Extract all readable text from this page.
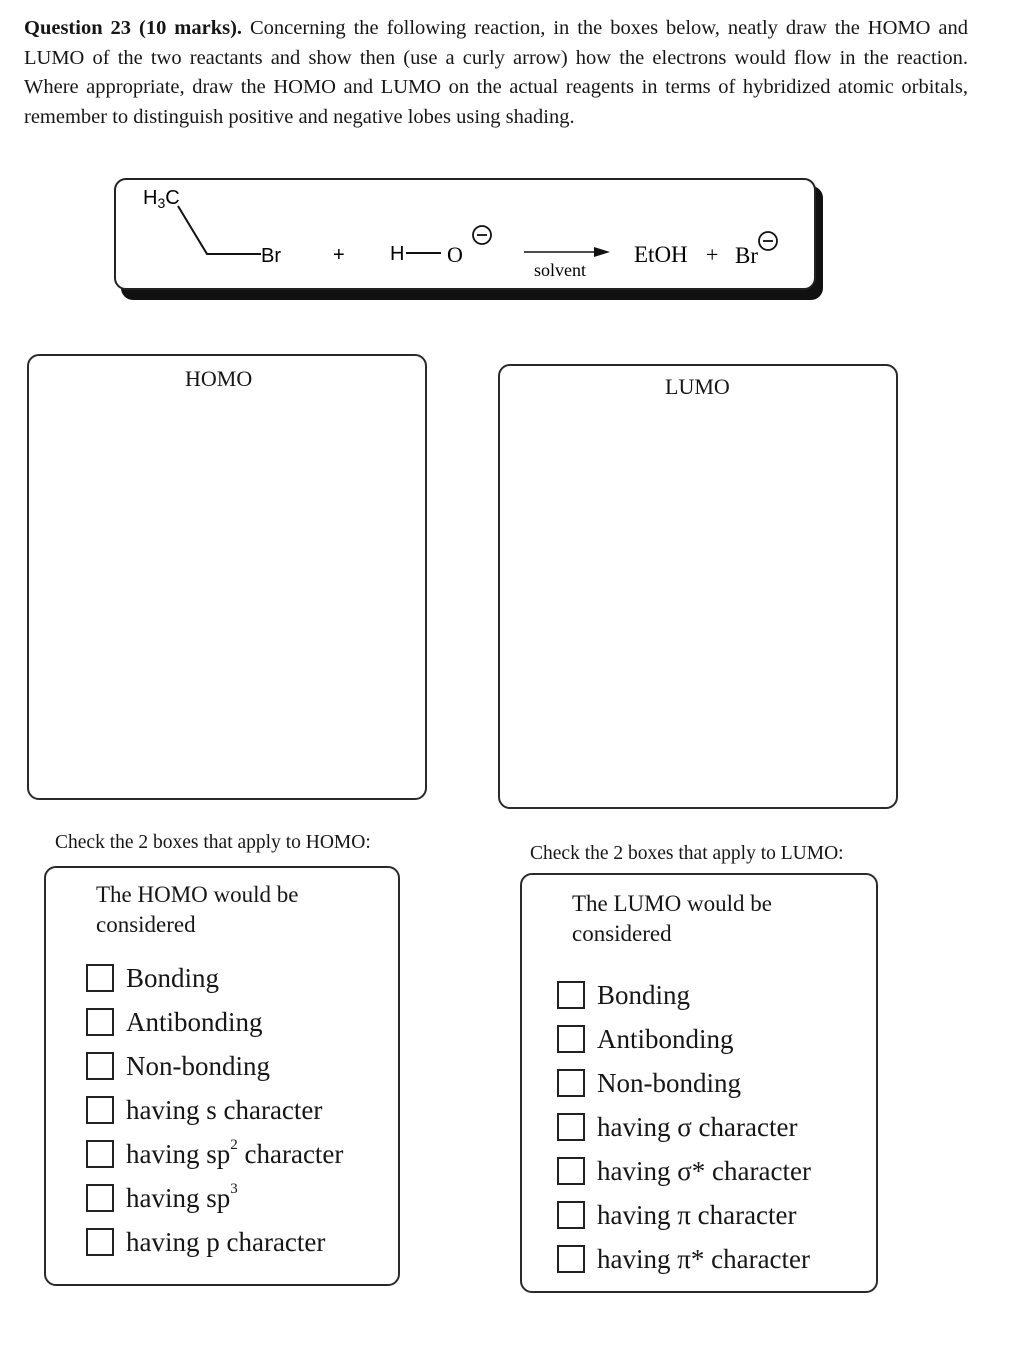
Question 23 (10 marks). Concerning the following reaction, in the boxes below, neatly draw the HOMO and LUMO of the two reactants and show then (use a curly arrow) how the electrons would flow in the reaction. Where appropriate, draw the HOMO and LUMO on the actual reagents in terms of hybridized atomic orbitals, remember to distinguish positive and negative lobes using shading.
$H_3C$
Br	+ H O
solvent
EtOH + Br
HOMO	LUMO
Check the 2 boxes that apply to HOMO:
The HOMO would be
considered
Bonding
Antibonding
Non-bonding
having s character
having $sp^2$ character
having $sp^3$
having p character
Check the 2 boxes that apply to LUMO:
The LUMO would be
considered
Bonding
Antibonding
Non-bonding
having σ character
having σ* character
having π character
having π* character
